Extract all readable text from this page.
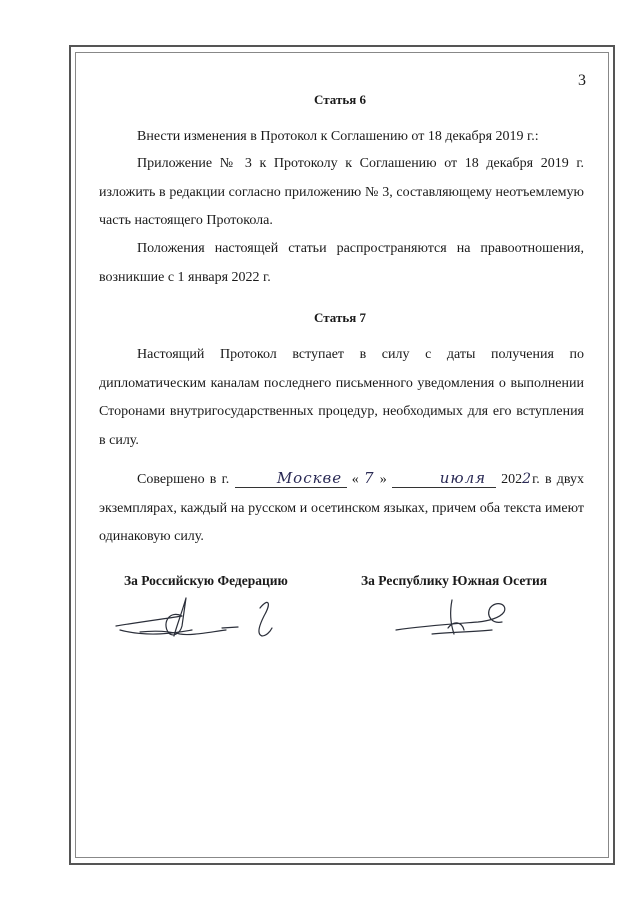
3
Статья 6

Внести изменения в Протокол к Соглашению от 18 декабря 2019 г.:

Приложение № 3 к Протоколу к Соглашению от 18 декабря 2019 г. изложить в редакции согласно приложению № 3, составляющему неотъемлемую часть настоящего Протокола.

Положения настоящей статьи распространяются на правоотношения, возникшие с 1 января 2022 г.

Статья 7

Настоящий Протокол вступает в силу с даты получения по дипломатическим каналам последнего письменного уведомления о выполнении Сторонами внутригосударственных процедур, необходимых для его вступления в силу.

Совершено в г.	Москве « 7 »	июля 2022г. в двух экземплярах, каждый на русском и осетинском языках, причем оба текста имеют одинаковую силу.

За Российскую Федерацию	За Республику Южная Осетия
